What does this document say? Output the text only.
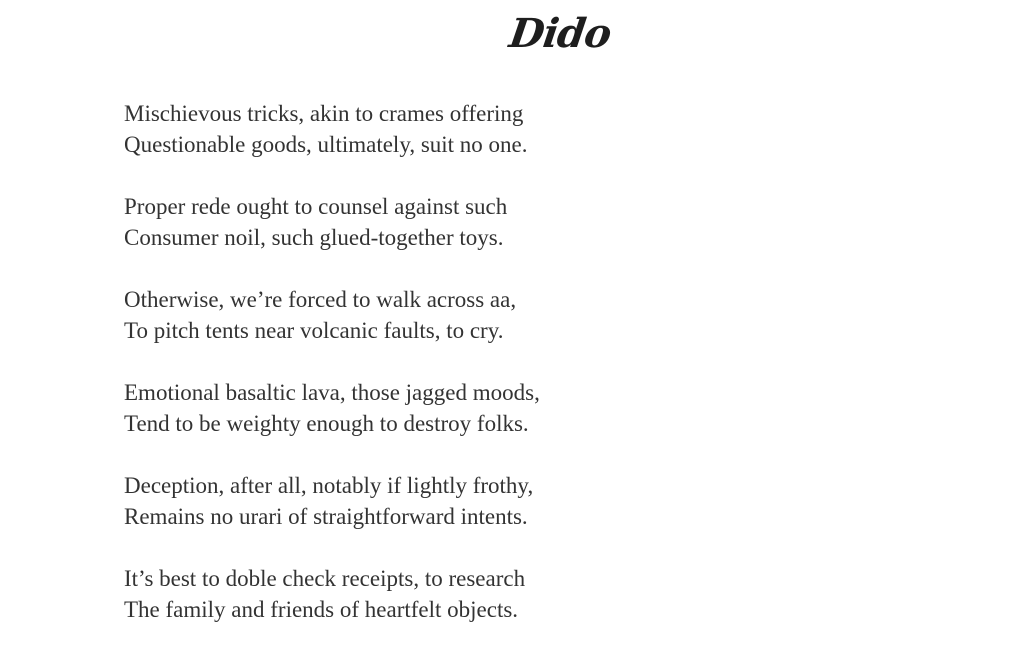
Dido
Mischievous tricks, akin to crames offering
Questionable goods, ultimately, suit no one.
Proper rede ought to counsel against such
Consumer noil, such glued-together toys.
Otherwise, we’re forced to walk across aa,
To pitch tents near volcanic faults, to cry.
Emotional basaltic lava, those jagged moods,
Tend to be weighty enough to destroy folks.
Deception, after all, notably if lightly frothy,
Remains no urari of straightforward intents.
It’s best to doble check receipts, to research
The family and friends of heartfelt objects.
